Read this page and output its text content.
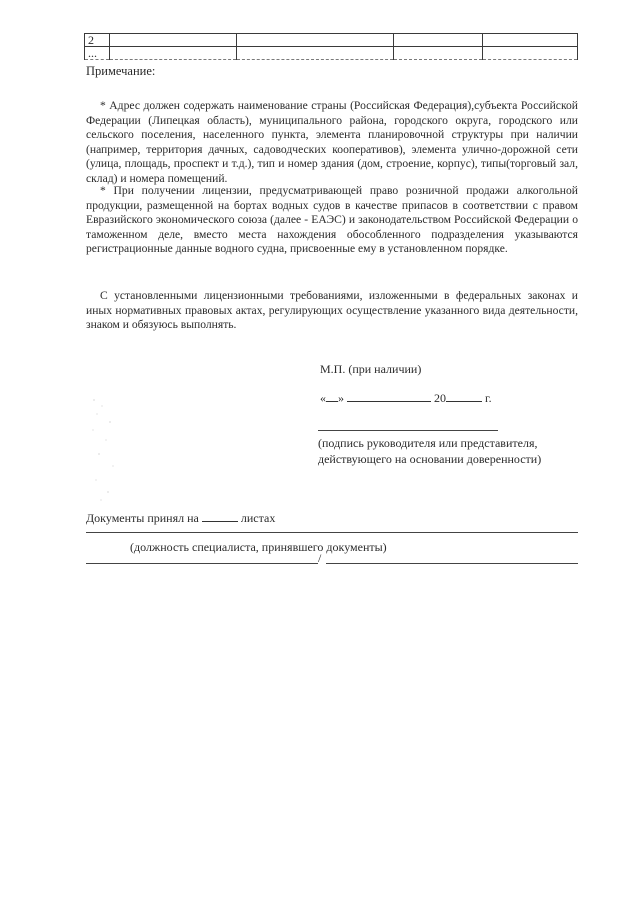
2				
...				
Примечание:

* Адрес должен содержать наименование страны (Российская Федерация),субъекта Российской Федерации (Липецкая область), муниципального района, городского округа, городского или сельского поселения, населенного пункта, элемента планировочной структуры при наличии (например, территория дачных, садоводческих кооперативов), элемента улично-дорожной сети (улица, площадь, проспект и т.д.), тип и номер здания (дом, строение, корпус), типы(торговый зал, склад) и номера помещений.

* При получении лицензии, предусматривающей право розничной продажи алкогольной продукции, размещенной на бортах водных судов в качестве припасов в соответствии с правом Евразийского экономического союза (далее - ЕАЭС) и законодательством Российской Федерации о таможенном деле, вместо места нахождения обособленного подразделения указываются регистрационные данные водного судна, присвоенные ему в установленном порядке.

С установленными лицензионными требованиями, изложенными в федеральных законах и иных нормативных правовых актах, регулирующих осуществление указанного вида деятельности, знаком и обязуюсь выполнять.

М.П. (при наличии)
« »	20	г.
(подпись руководителя или представителя,
действующего на основании доверенности)
Документы принял на	листах
(должность специалиста, принявшего документы)
/
